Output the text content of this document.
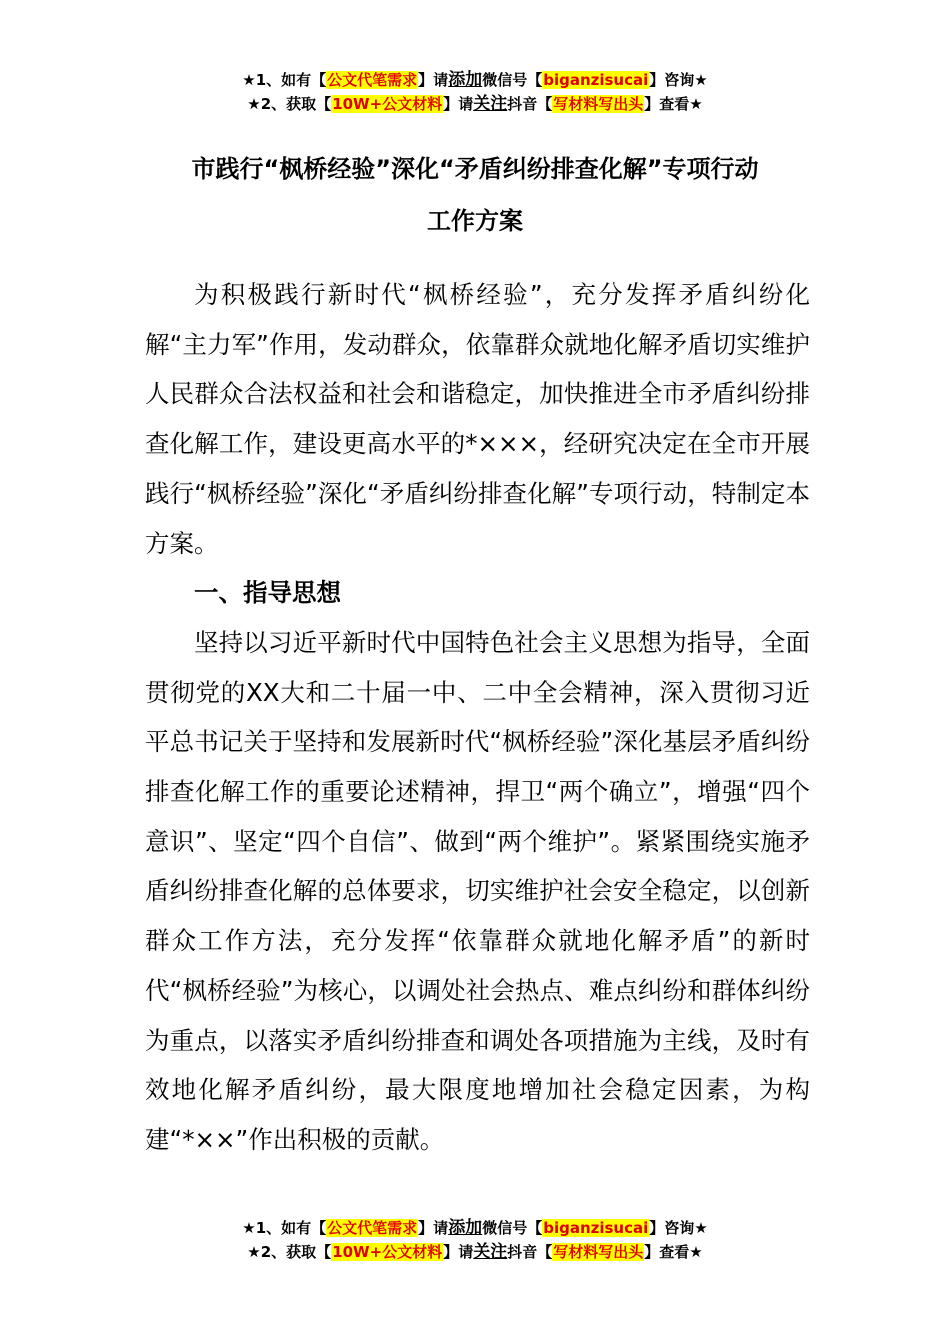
★1、如有【公文代笔需求】请添加微信号【biganzisucai】咨询★
★2、获取【10W+公文材料】请关注抖音【写材料写出头】查看★
市践行“枫桥经验”深化“矛盾纠纷排查化解”专项行动
工作方案

为积极践行新时代“枫桥经验”，充分发挥矛盾纠纷化解“主力军”作用，发动群众，依靠群众就地化解矛盾切实维护人民群众合法权益和社会和谐稳定，加快推进全市矛盾纠纷排查化解工作，建设更高水平的*×××，经研究决定在全市开展践行“枫桥经验”深化“矛盾纠纷排查化解”专项行动，特制定本方案。

一、指导思想

坚持以习近平新时代中国特色社会主义思想为指导，全面贯彻党的XX大和二十届一中、二中全会精神，深入贯彻习近平总书记关于坚持和发展新时代“枫桥经验”深化基层矛盾纠纷排查化解工作的重要论述精神，捍卫“两个确立”，增强“四个意识”、坚定“四个自信”、做到“两个维护”。紧紧围绕实施矛盾纠纷排查化解的总体要求，切实维护社会安全稳定，以创新群众工作方法，充分发挥“依靠群众就地化解矛盾”的新时代“枫桥经验”为核心，以调处社会热点、难点纠纷和群体纠纷为重点，以落实矛盾纠纷排查和调处各项措施为主线，及时有效地化解矛盾纠纷，最大限度地增加社会稳定因素，为构建“*××”作出积极的贡献。

★1、如有【公文代笔需求】请添加微信号【biganzisucai】咨询★
★2、获取【10W+公文材料】请关注抖音【写材料写出头】查看★
